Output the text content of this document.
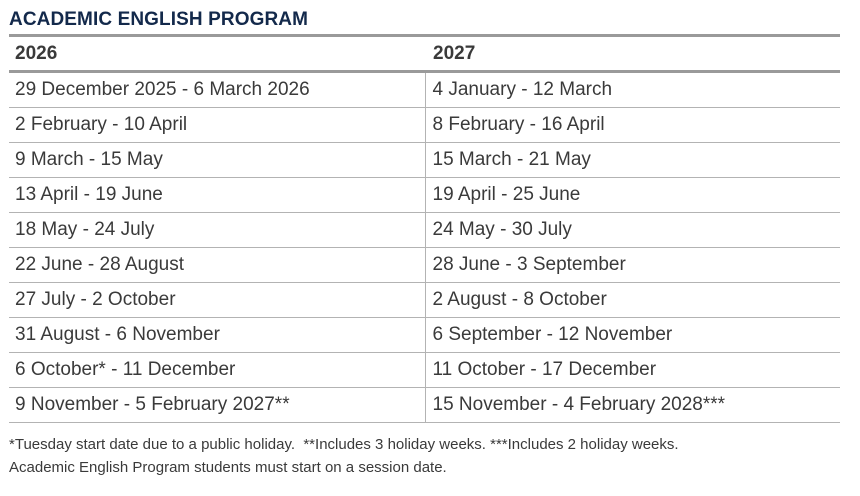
ACADEMIC ENGLISH PROGRAM
2026	2027
29 December 2025 - 6 March 2026	4 January - 12 March
2 February - 10 April	8 February - 16 April
9 March - 15 May	15 March - 21 May
13 April - 19 June	19 April - 25 June
18 May - 24 July	24 May - 30 July
22 June - 28 August	28 June - 3 September
27 July - 2 October	2 August - 8 October
31 August - 6 November	6 September - 12 November
6 October* - 11 December	11 October - 17 December
9 November - 5 February 2027**	15 November - 4 February 2028***
*Tuesday start date due to a public holiday.  **Includes 3 holiday weeks. ***Includes 2 holiday weeks.
Academic English Program students must start on a session date.
